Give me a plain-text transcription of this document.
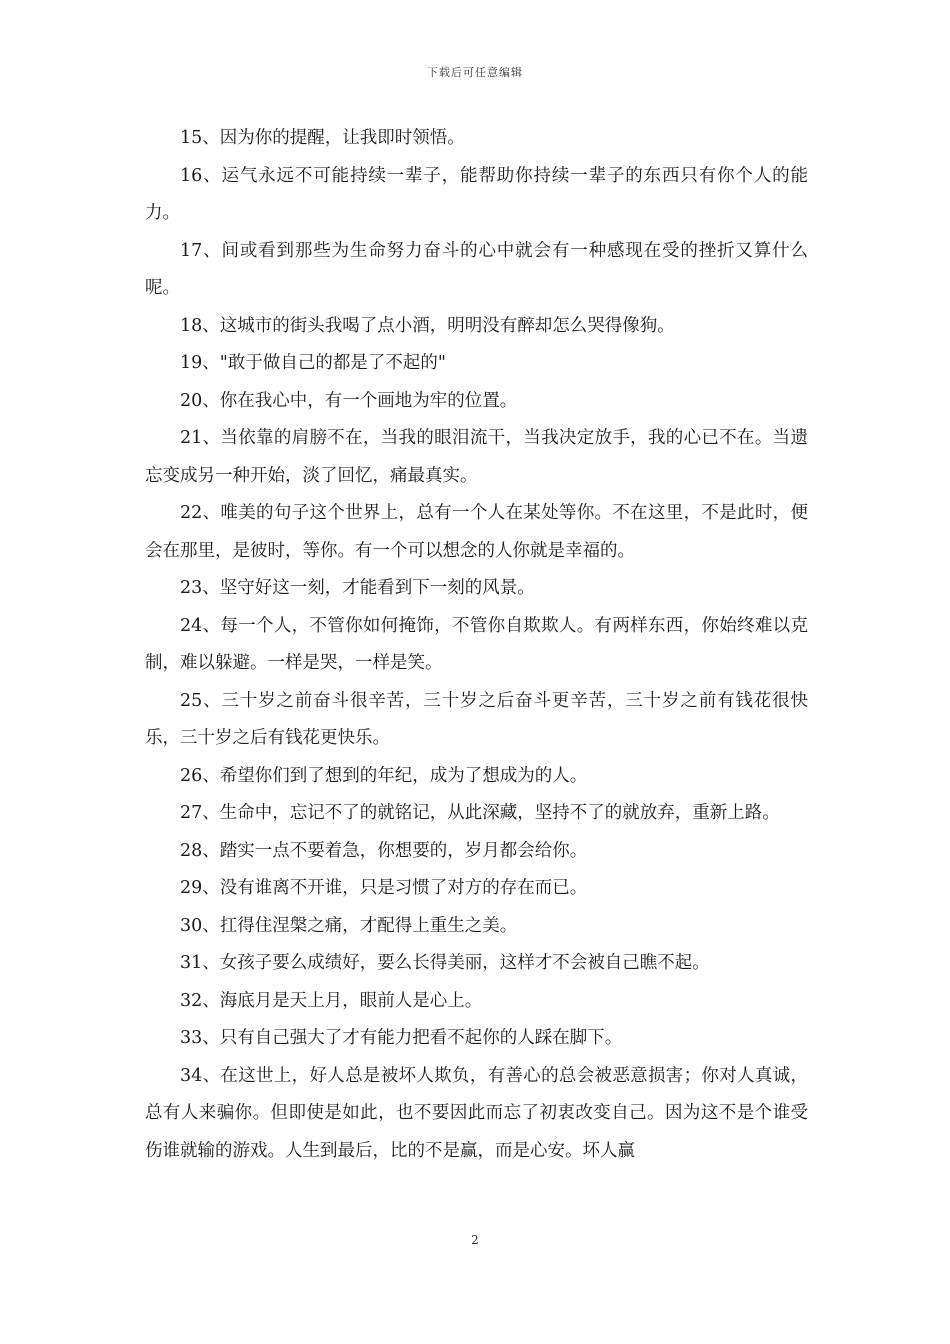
下载后可任意编辑

15、因为你的提醒，让我即时领悟。

16、运气永远不可能持续一辈子，能帮助你持续一辈子的东西只有你个人的能力。

17、间或看到那些为生命努力奋斗的心中就会有一种感现在受的挫折又算什么呢。

18、这城市的街头我喝了点小酒，明明没有醉却怎么哭得像狗。

19、"敢于做自己的都是了不起的"

20、你在我心中，有一个画地为牢的位置。

21、当依靠的肩膀不在，当我的眼泪流干，当我决定放手，我的心已不在。当遗忘变成另一种开始，淡了回忆，痛最真实。

22、唯美的句子这个世界上，总有一个人在某处等你。不在这里，不是此时，便会在那里，是彼时，等你。有一个可以想念的人你就是幸福的。

23、坚守好这一刻，才能看到下一刻的风景。

24、每一个人，不管你如何掩饰，不管你自欺欺人。有两样东西，你始终难以克制，难以躲避。一样是哭，一样是笑。

25、三十岁之前奋斗很辛苦，三十岁之后奋斗更辛苦，三十岁之前有钱花很快乐，三十岁之后有钱花更快乐。

26、希望你们到了想到的年纪，成为了想成为的人。

27、生命中，忘记不了的就铭记，从此深藏，坚持不了的就放弃，重新上路。

28、踏实一点不要着急，你想要的，岁月都会给你。

29、没有谁离不开谁，只是习惯了对方的存在而已。

30、扛得住涅槃之痛，才配得上重生之美。

31、女孩子要么成绩好，要么长得美丽，这样才不会被自己瞧不起。

32、海底月是天上月，眼前人是心上。

33、只有自己强大了才有能力把看不起你的人踩在脚下。

34、在这世上，好人总是被坏人欺负，有善心的总会被恶意损害；你对人真诚，总有人来骗你。但即使是如此，也不要因此而忘了初衷改变自己。因为这不是个谁受伤谁就输的游戏。人生到最后，比的不是赢，而是心安。坏人赢

2
